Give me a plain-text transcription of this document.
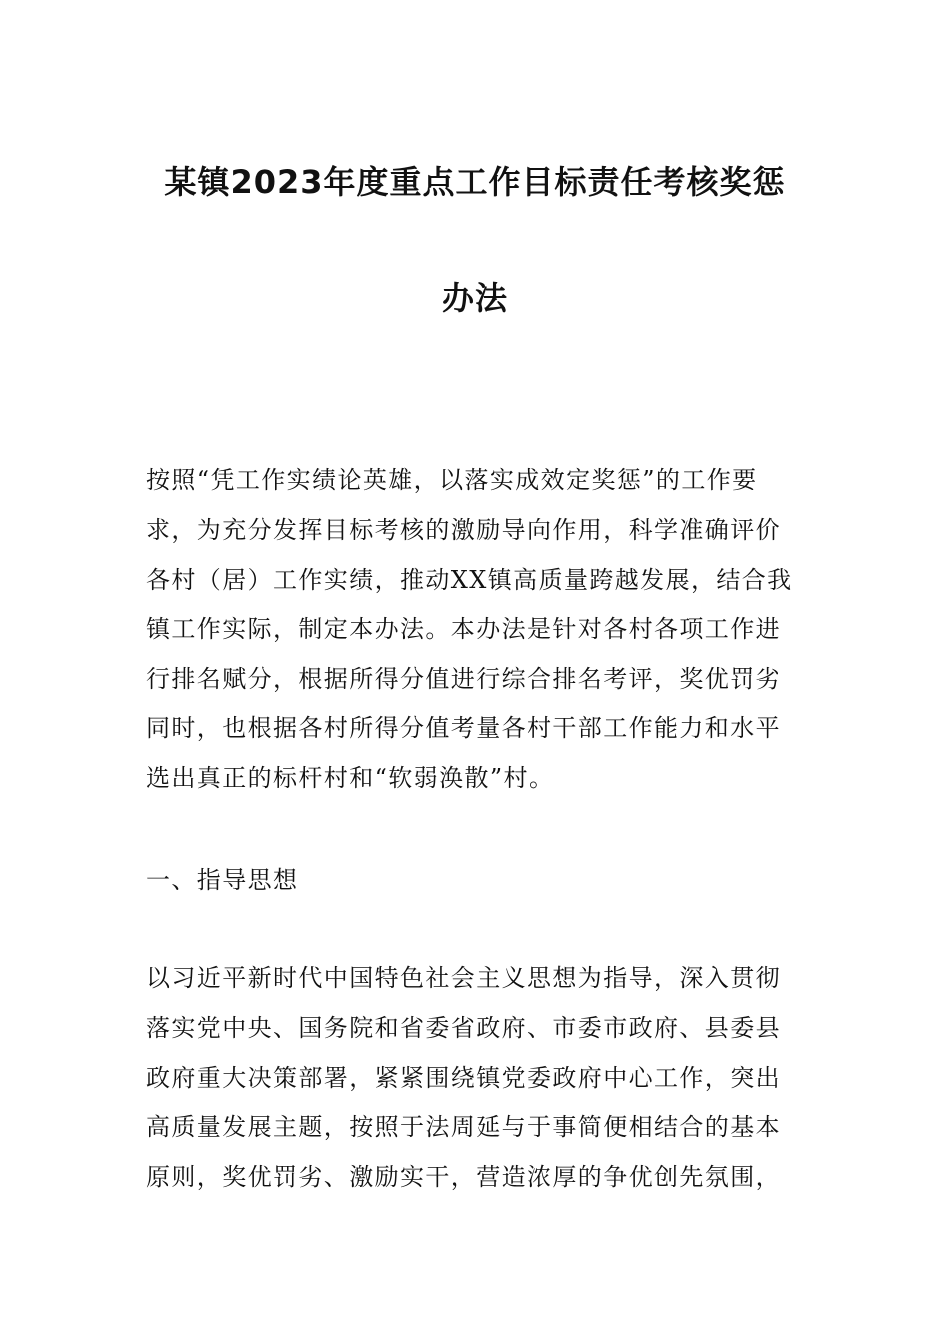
某镇2023年度重点工作目标责任考核奖惩
办法
按照“凭工作实绩论英雄，以落实成效定奖惩”的工作要
求，为充分发挥目标考核的激励导向作用，科学准确评价
各村（居）工作实绩，推动XX镇高质量跨越发展，结合我
镇工作实际，制定本办法。本办法是针对各村各项工作进
行排名赋分，根据所得分值进行综合排名考评，奖优罚劣
同时，也根据各村所得分值考量各村干部工作能力和水平
选出真正的标杆村和“软弱涣散”村。
一、指导思想
以习近平新时代中国特色社会主义思想为指导，深入贯彻
落实党中央、国务院和省委省政府、市委市政府、县委县
政府重大决策部署，紧紧围绕镇党委政府中心工作，突出
高质量发展主题，按照于法周延与于事简便相结合的基本
原则，奖优罚劣、激励实干，营造浓厚的争优创先氛围，
